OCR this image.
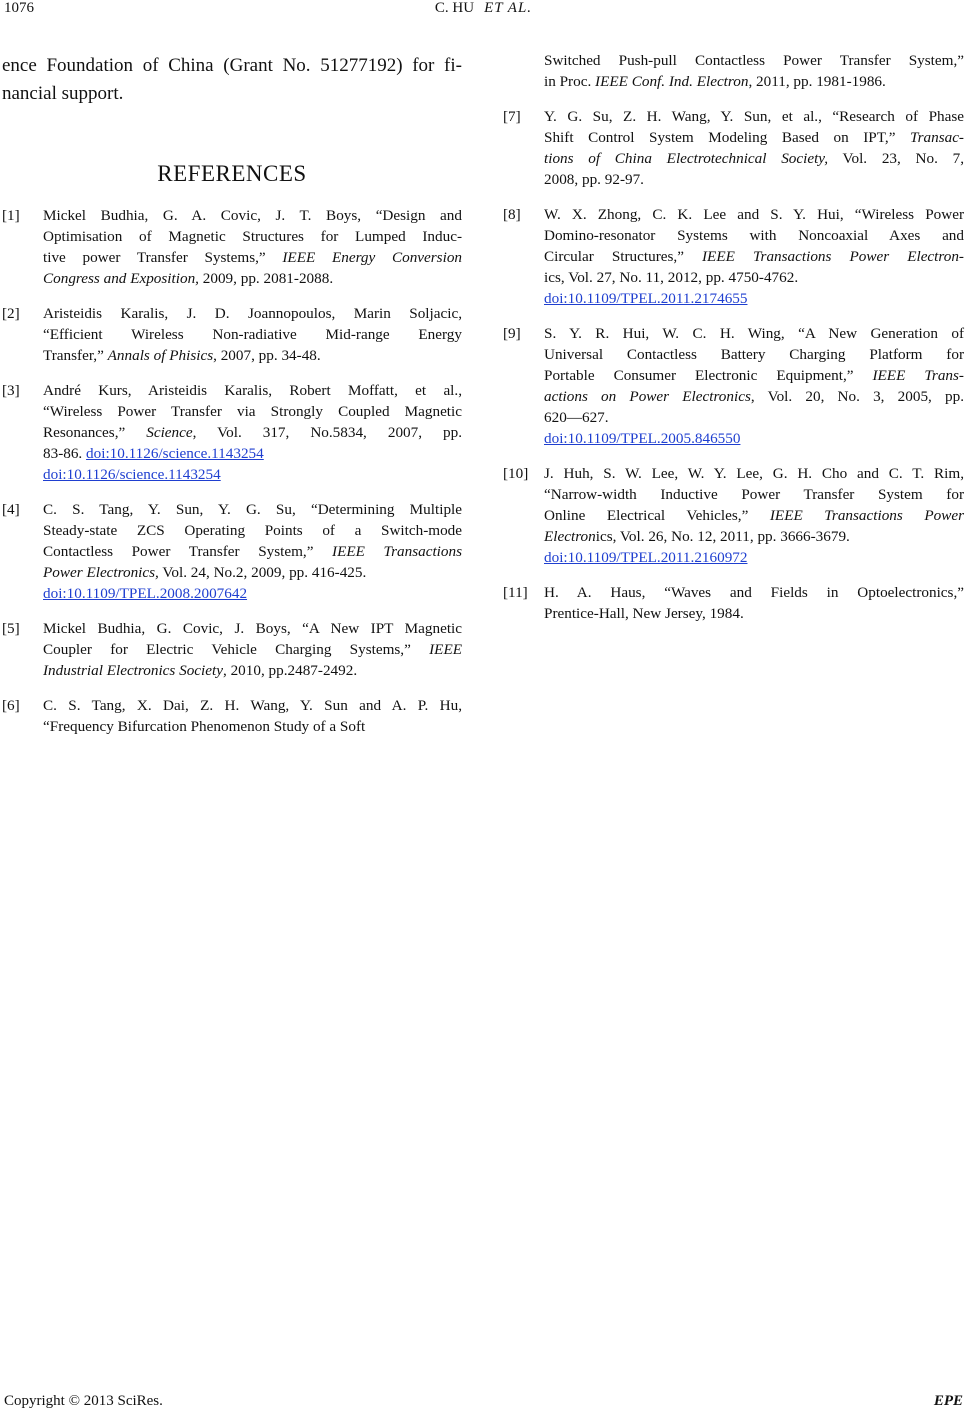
1076	C. HU ET AL.

ence Foundation of China (Grant No. 51277192) for fi-
nancial support.

REFERENCES
[1]	Mickel Budhia, G. A. Covic, J. T. Boys, “Design and
Optimisation of Magnetic Structures for Lumped Induc-
tive power Transfer Systems,” IEEE Energy Conversion
Congress and Exposition, 2009, pp. 2081-2088.
[2]	Aristeidis Karalis, J. D. Joannopoulos, Marin Soljacic,
“Efficient Wireless Non-radiative Mid-range Energy
Transfer,” Annals of Phisics, 2007, pp. 34-48.
[3]	André Kurs, Aristeidis Karalis, Robert Moffatt, et al.,
“Wireless Power Transfer via Strongly Coupled Magnetic
Resonances,” Science, Vol. 317, No.5834, 2007, pp.
83-86. doi:10.1126/science.1143254
doi:10.1126/science.1143254
[4]	C. S. Tang, Y. Sun, Y. G. Su, “Determining Multiple
Steady-state ZCS Operating Points of a Switch-mode
Contactless Power Transfer System,” IEEE Transactions
Power Electronics, Vol. 24, No.2, 2009, pp. 416-425.
doi:10.1109/TPEL.2008.2007642
[5]	Mickel Budhia, G. Covic, J. Boys, “A New IPT Magnetic
Coupler for Electric Vehicle Charging Systems,” IEEE
Industrial Electronics Society, 2010, pp.2487-2492.
[6]	C. S. Tang, X. Dai, Z. H. Wang, Y. Sun and A. P. Hu,
“Frequency Bifurcation Phenomenon Study of a Soft
Switched Push-pull Contactless Power Transfer System,”
in Proc. IEEE Conf. Ind. Electron, 2011, pp. 1981-1986.
[7]	Y. G. Su, Z. H. Wang, Y. Sun, et al., “Research of Phase
Shift Control System Modeling Based on IPT,” Transac-
tions of China Electrotechnical Society, Vol. 23, No. 7,
2008, pp. 92-97.
[8]	W. X. Zhong, C. K. Lee and S. Y. Hui, “Wireless Power
Domino-resonator Systems with Noncoaxial Axes and
Circular Structures,” IEEE Transactions Power Electron-
ics, Vol. 27, No. 11, 2012, pp. 4750-4762.
doi:10.1109/TPEL.2011.2174655
[9]	S. Y. R. Hui, W. C. H. Wing, “A New Generation of
Universal Contactless Battery Charging Platform for
Portable Consumer Electronic Equipment,” IEEE Trans-
actions on Power Electronics, Vol. 20, No. 3, 2005, pp.
620—627.
doi:10.1109/TPEL.2005.846550
[10]	J. Huh, S. W. Lee, W. Y. Lee, G. H. Cho and C. T. Rim,
“Narrow-width Inductive Power Transfer System for
Online Electrical Vehicles,” IEEE Transactions Power
Electronics, Vol. 26, No. 12, 2011, pp. 3666-3679.
doi:10.1109/TPEL.2011.2160972
[11]	H. A. Haus, “Waves and Fields in Optoelectronics,”
Prentice-Hall, New Jersey, 1984.
Copyright © 2013 SciRes.	EPE
